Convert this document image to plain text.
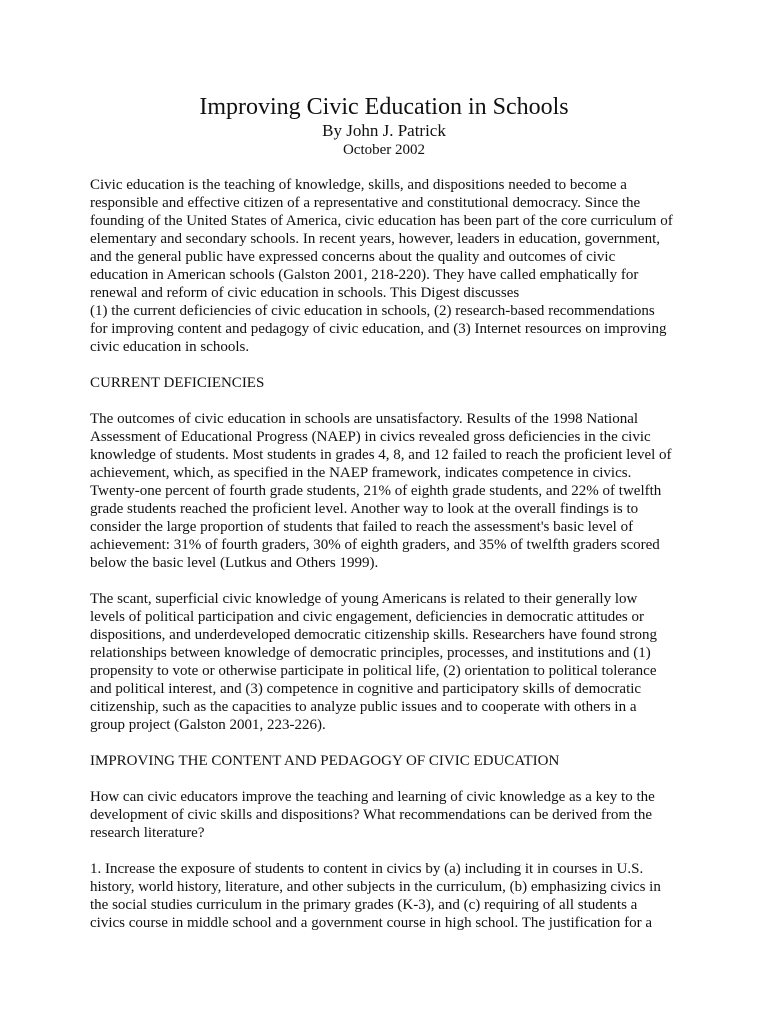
Improving Civic Education in Schools
By John J. Patrick
October 2002
Civic education is the teaching of knowledge, skills, and dispositions needed to become a
responsible and effective citizen of a representative and constitutional democracy. Since the
founding of the United States of America, civic education has been part of the core curriculum of
elementary and secondary schools. In recent years, however, leaders in education, government,
and the general public have expressed concerns about the quality and outcomes of civic
education in American schools (Galston 2001, 218-220). They have called emphatically for
renewal and reform of civic education in schools. This Digest discusses
(1) the current deficiencies of civic education in schools, (2) research-based recommendations
for improving content and pedagogy of civic education, and (3) Internet resources on improving
civic education in schools.
CURRENT DEFICIENCIES
The outcomes of civic education in schools are unsatisfactory. Results of the 1998 National
Assessment of Educational Progress (NAEP) in civics revealed gross deficiencies in the civic
knowledge of students. Most students in grades 4, 8, and 12 failed to reach the proficient level of
achievement, which, as specified in the NAEP framework, indicates competence in civics.
Twenty-one percent of fourth grade students, 21% of eighth grade students, and 22% of twelfth
grade students reached the proficient level. Another way to look at the overall findings is to
consider the large proportion of students that failed to reach the assessment's basic level of
achievement: 31% of fourth graders, 30% of eighth graders, and 35% of twelfth graders scored
below the basic level (Lutkus and Others 1999).
The scant, superficial civic knowledge of young Americans is related to their generally low
levels of political participation and civic engagement, deficiencies in democratic attitudes or
dispositions, and underdeveloped democratic citizenship skills. Researchers have found strong
relationships between knowledge of democratic principles, processes, and institutions and (1)
propensity to vote or otherwise participate in political life, (2) orientation to political tolerance
and political interest, and (3) competence in cognitive and participatory skills of democratic
citizenship, such as the capacities to analyze public issues and to cooperate with others in a
group project (Galston 2001, 223-226).
IMPROVING THE CONTENT AND PEDAGOGY OF CIVIC EDUCATION
How can civic educators improve the teaching and learning of civic knowledge as a key to the
development of civic skills and dispositions? What recommendations can be derived from the
research literature?
1. Increase the exposure of students to content in civics by (a) including it in courses in U.S.
history, world history, literature, and other subjects in the curriculum, (b) emphasizing civics in
the social studies curriculum in the primary grades (K-3), and (c) requiring of all students a
civics course in middle school and a government course in high school. The justification for a
